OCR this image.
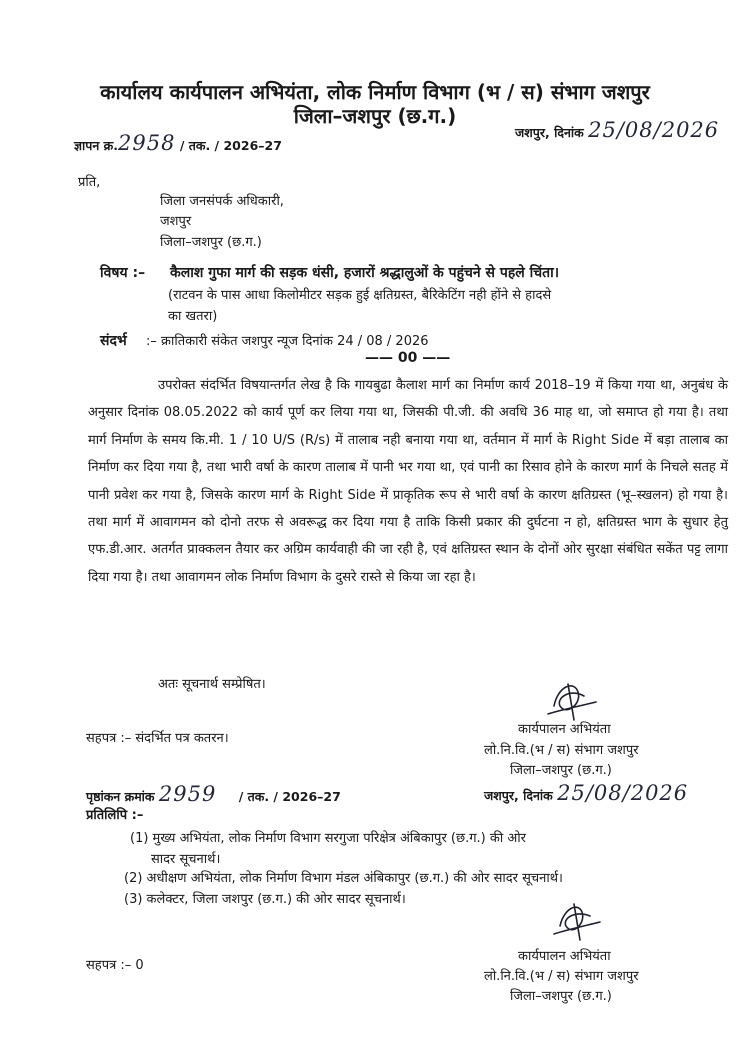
कार्यालय कार्यपालन अभियंता, लोक निर्माण विभाग (भ / स) संभाग जशपुर
जिला–जशपुर (छ.ग.)
ज्ञापन क्र.2958 / तक. / 2026–27
जशपुर, दिनांक 25/08/2026
प्रति,
जिला जनसंपर्क अधिकारी,
जशपुर
जिला–जशपुर (छ.ग.)
विषय :– कैलाश गुफा मार्ग की सड़क धंसी, हजारों श्रद्धालुओं के पहुंचने से पहले चिंता।
(राटवन के पास आधा किलोमीटर सड़क हुई क्षतिग्रस्त, बैरिकेटिंग नही होंने से हादसे
का खतरा)
संदर्भ :– क्रातिकारी संकेत जशपुर न्यूज दिनांक 24 / 08 / 2026
—— 00 ——
उपरोक्त संदर्भित विषयान्तर्गत लेख है कि गायबुढा कैलाश मार्ग का निर्माण कार्य 2018–19 में किया गया था, अनुबंध के अनुसार दिनांक 08.05.2022 को कार्य पूर्ण कर लिया गया था, जिसकी पी.जी. की अवधि 36 माह था, जो समाप्त हो गया है। तथा मार्ग निर्माण के समय कि.मी. 1 / 10 U/S (R/s) में तालाब नही बनाया गया था, वर्तमान में मार्ग के Right Side में बड़ा तालाब का निर्माण कर दिया गया है, तथा भारी वर्षा के कारण तालाब में पानी भर गया था, एवं पानी का रिसाव होने के कारण मार्ग के निचले सतह में पानी प्रवेश कर गया है, जिसके कारण मार्ग के Right Side में प्राकृतिक रूप से भारी वर्षा के कारण क्षतिग्रस्त (भू–स्खलन) हो गया है। तथा मार्ग में आवागमन को दोनो तरफ से अवरूद्ध कर दिया गया है ताकि किसी प्रकार की दुर्घटना न हो, क्षतिग्रस्त भाग के सुधार हेतु एफ.डी.आर. अतर्गत प्राक्कलन तैयार कर अग्रिम कार्यवाही की जा रही है, एवं क्षतिग्रस्त स्थान के दोनों ओर सुरक्षा संबंधित सकेंत पट्ट लागा दिया गया है। तथा आवागमन लोक निर्माण विभाग के दुसरे रास्ते से किया जा रहा है।
अतः सूचनार्थ सम्प्रेषित।
कार्यपालन अभियंता
लो.नि.वि.(भ / स) संभाग जशपुर
जिला–जशपुर (छ.ग.)
सहपत्र :– संदर्भित पत्र कतरन।
पृष्ठांकन क्रमांक 2959 / तक. / 2026–27	जशपुर, दिनांक 25/08/2026
प्रतिलिपि :–
(1) मुख्य अभियंता, लोक निर्माण विभाग सरगुजा परिक्षेत्र अंबिकापुर (छ.ग.) की ओर
सादर सूचनार्थ।
(2) अधीक्षण अभियंता, लोक निर्माण विभाग मंडल अंबिकापुर (छ.ग.) की ओर सादर सूचनार्थ।
(3) कलेक्टर, जिला जशपुर (छ.ग.) की ओर सादर सूचनार्थ।
कार्यपालन अभियंता
लो.नि.वि.(भ / स) संभाग जशपुर
जिला–जशपुर (छ.ग.)
सहपत्र :– 0
